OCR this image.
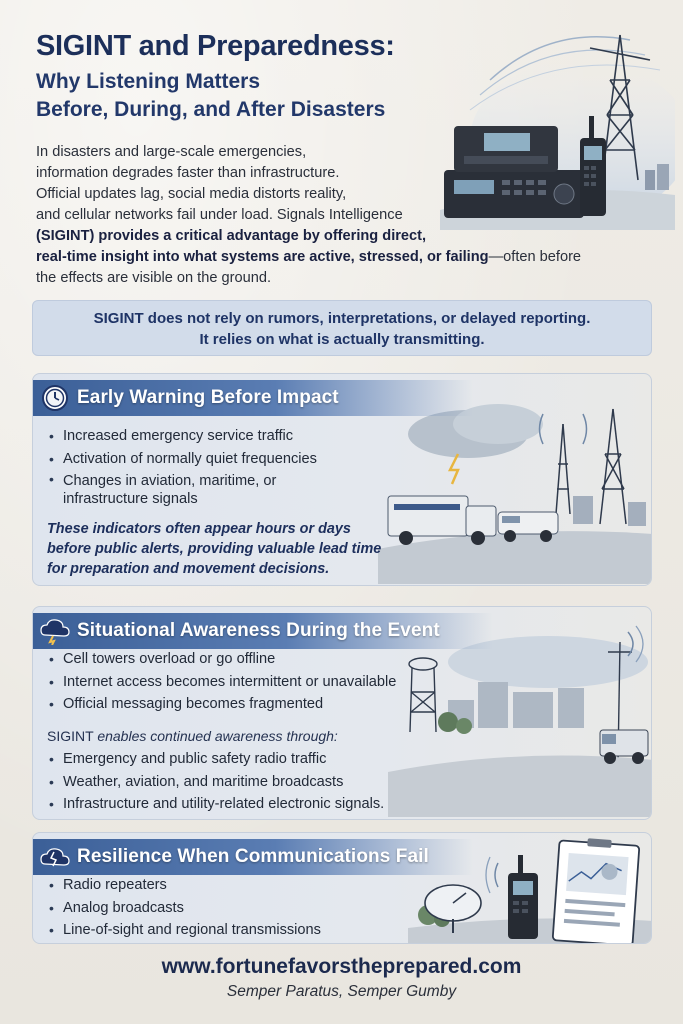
SIGINT and Preparedness:
Why Listening Matters
Before, During, and After Disasters
In disasters and large-scale emergencies,
information degrades faster than infrastructure.
Official updates lag, social media distorts reality,
and cellular networks fail under load. Signals Intelligence
(SIGINT) provides a critical advantage by offering direct,
real-time insight into what systems are active, stressed, or failing—often before
the effects are visible on the ground.
SIGINT does not rely on rumors, interpretations, or delayed reporting.
It relies on what is actually transmitting.
Early Warning Before Impact
• Increased emergency service traffic
• Activation of normally quiet frequencies
• Changes in aviation, maritime, or infrastructure signals
These indicators often appear hours or days
before public alerts, providing valuable lead time
for preparation and movement decisions.
Situational Awareness During the Event
• Cell towers overload or go offline
• Internet access becomes intermittent or unavailable
• Official messaging becomes fragmented
SIGINT enables continued awareness through:
• Emergency and public safety radio traffic
• Weather, aviation, and maritime broadcasts
• Infrastructure and utility-related electronic signals.
Resilience When Communications Fail
• Radio repeaters
• Analog broadcasts
• Line-of-sight and regional transmissions
www.fortunefavorstheprepared.com
Semper Paratus, Semper Gumby
